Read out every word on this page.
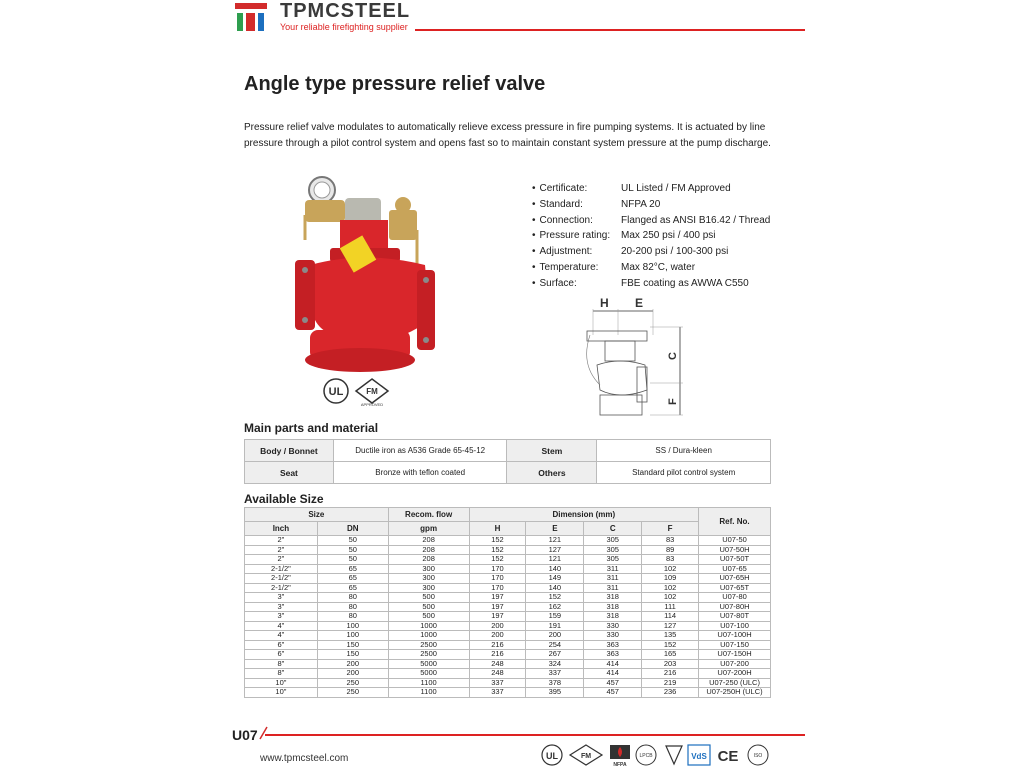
TPMCSTEEL
Your reliable firefighting supplier
Angle type pressure relief valve
Pressure relief valve modulates to automatically relieve excess pressure in fire pumping systems. It is actuated by line pressure through a pilot control system and opens fast so to maintain constant system pressure at the pump discharge.
UL	FM
APPROVED
• Certificate:	UL Listed / FM Approved
• Standard:	NFPA 20
• Connection:	Flanged as ANSI B16.42 / Thread
• Pressure rating:	Max 250 psi / 400 psi
• Adjustment:	20-200 psi / 100-300 psi
• Temperature:	Max 82°C, water
• Surface:	FBE coating as AWWA C550
H E
C
F
Main parts and material
Body / Bonnet	Ductile iron as A536 Grade 65-45-12	Stem	SS / Dura-kleen
Seat	Bronze with teflon coated	Others	Standard pilot control system
Available Size
Size		Recom. flow	Dimension (mm)				Ref. No.
Inch	DN	gpm	H	E	C	F	
2"	50	208	152	121	305	83	U07-50
2"	50	208	152	127	305	89	U07-50H
2"	50	208	152	121	305	83	U07-50T
2-1/2"	65	300	170	140	311	102	U07-65
2-1/2"	65	300	170	149	311	109	U07-65H
2-1/2"	65	300	170	140	311	102	U07-65T
3"	80	500	197	152	318	102	U07-80
3"	80	500	197	162	318	111	U07-80H
3"	80	500	197	159	318	114	U07-80T
4"	100	1000	200	191	330	127	U07-100
4"	100	1000	200	200	330	135	U07-100H
6"	150	2500	216	254	363	152	U07-150
6"	150	2500	216	267	363	165	U07-150H
8"	200	5000	248	324	414	203	U07-200
8"	200	5000	248	337	414	216	U07-200H
10"	250	1100	337	378	457	219	U07-250 (ULC)
10"	250	1100	337	395	457	236	U07-250H (ULC)
U07
www.tpmcsteel.com	UL	FM
NFPA
LPCB	VdS CE	ISO
